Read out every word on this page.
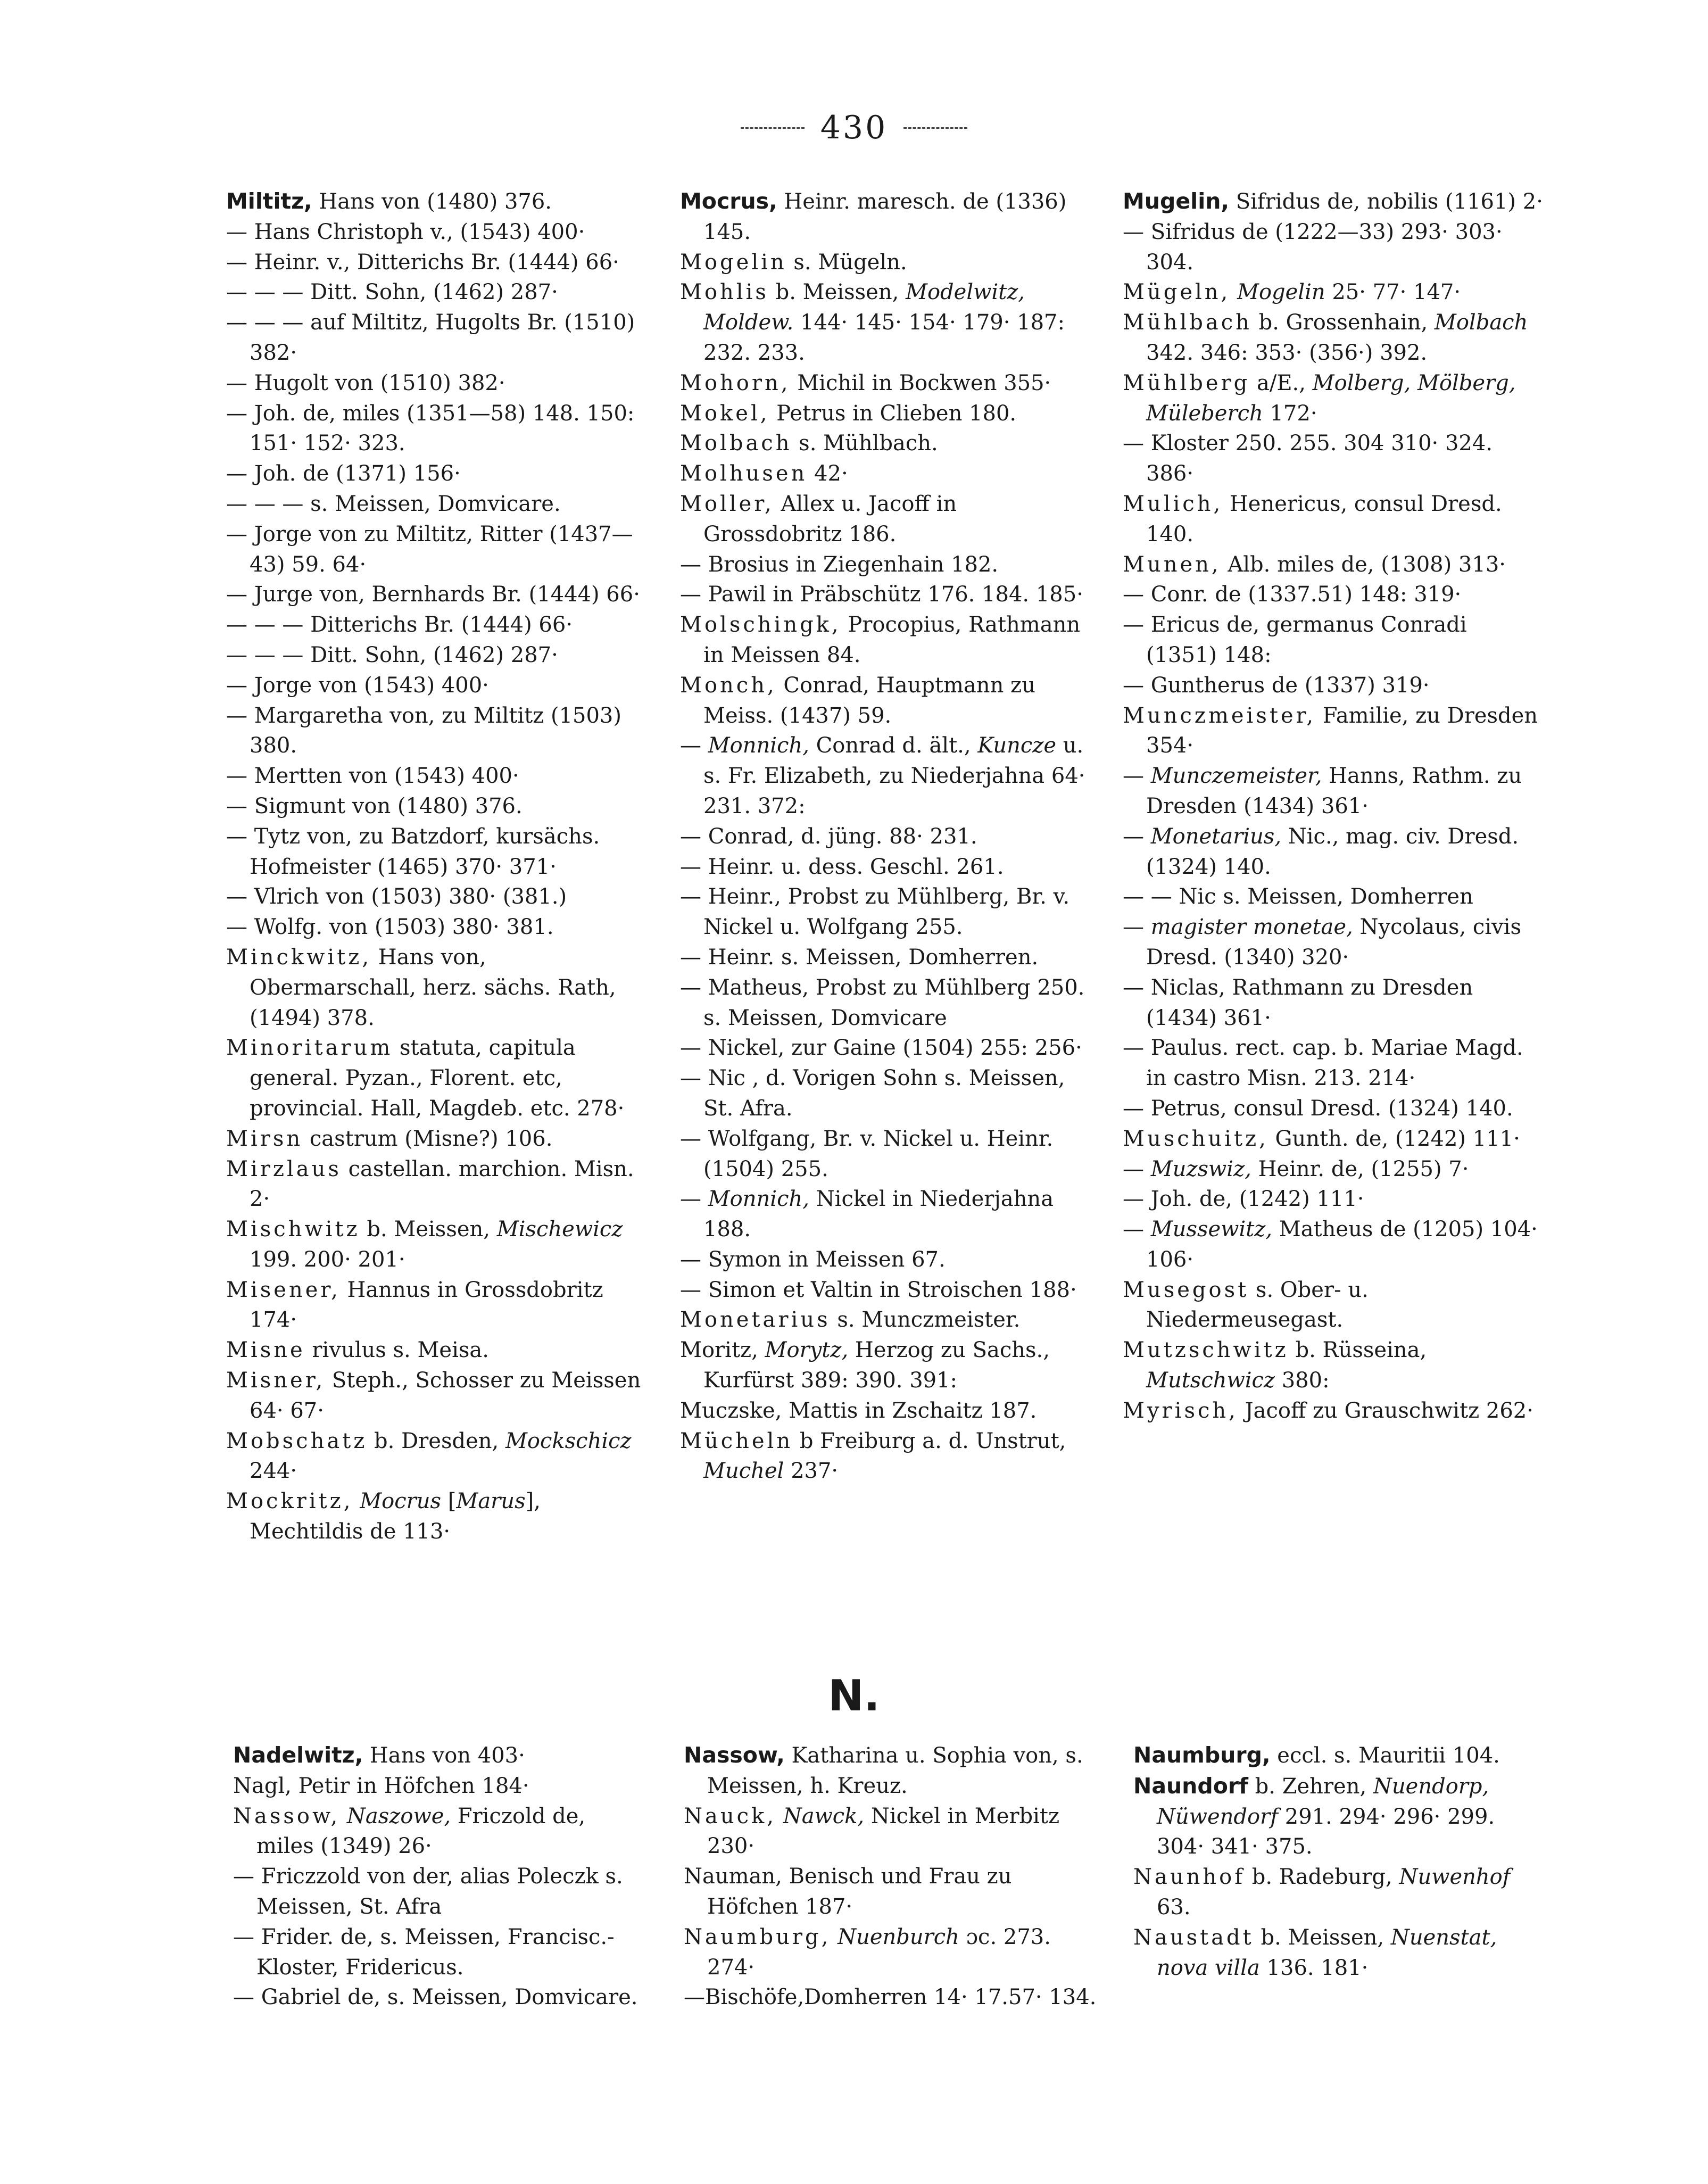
430

Miltitz, Hans von (1480) 376.

— Hans Christoph v., (1543) 400·

— Heinr. v., Ditterichs Br. (1444) 66·

— — — Ditt. Sohn, (1462) 287·

— — — auf Miltitz, Hugolts Br. (1510) 382·

— Hugolt von (1510) 382·

— Joh. de, miles (1351—58) 148. 150: 151· 152· 323.

— Joh. de (1371) 156·

— — — s. Meissen, Domvicare.

— Jorge von zu Miltitz, Ritter (1437—43) 59. 64·

— Jurge von, Bernhards Br. (1444) 66·

— — — Ditterichs Br. (1444) 66·

— — — Ditt. Sohn, (1462) 287·

— Jorge von (1543) 400·

— Margaretha von, zu Miltitz (1503) 380.

— Mertten von (1543) 400·

— Sigmunt von (1480) 376.

— Tytz von, zu Batzdorf, kursächs. Hofmeister (1465) 370· 371·

— Vlrich von (1503) 380· (381.)

— Wolfg. von (1503) 380· 381.

Minckwitz, Hans von, Obermarschall, herz. sächs. Rath, (1494) 378.

Minoritarum statuta, capitula general. Pyzan., Florent. etc, provincial. Hall, Magdeb. etc. 278·

Mirsn castrum (Misne?) 106.

Mirzlaus castellan. marchion. Misn. 2·

Mischwitz b. Meissen, Mischewicz 199. 200· 201·

Misener, Hannus in Grossdobritz 174·

Misne rivulus s. Meisa.

Misner, Steph., Schosser zu Meissen 64· 67·

Mobschatz b. Dresden, Mockschicz 244·

Mockritz, Mocrus [Marus], Mechtildis de 113·

Mocrus, Heinr. maresch. de (1336) 145.

Mogelin s. Mügeln.

Mohlis b. Meissen, Modelwitz, Moldew. 144· 145· 154· 179· 187: 232. 233.

Mohorn, Michil in Bockwen 355·

Mokel, Petrus in Clieben 180.

Molbach s. Mühlbach.

Molhusen 42·

Moller, Allex u. Jacoff in Grossdobritz 186.

— Brosius in Ziegenhain 182.

— Pawil in Präbschütz 176. 184. 185·

Molschingk, Procopius, Rathmann in Meissen 84.

Monch, Conrad, Hauptmann zu Meiss. (1437) 59.

— Monnich, Conrad d. ält., Kuncze u. s. Fr. Elizabeth, zu Niederjahna 64· 231. 372:

— Conrad, d. jüng. 88· 231.

— Heinr. u. dess. Geschl. 261.

— Heinr., Probst zu Mühlberg, Br. v. Nickel u. Wolfgang 255.

— Heinr. s. Meissen, Domherren.

— Matheus, Probst zu Mühlberg 250. s. Meissen, Domvicare

— Nickel, zur Gaine (1504) 255: 256·

— Nic , d. Vorigen Sohn s. Meissen, St. Afra.

— Wolfgang, Br. v. Nickel u. Heinr. (1504) 255.

— Monnich, Nickel in Niederjahna 188.

— Symon in Meissen 67.

— Simon et Valtin in Stroischen 188·

Monetarius s. Munczmeister.

Moritz, Morytz, Herzog zu Sachs., Kurfürst 389: 390. 391:

Muczske, Mattis in Zschaitz 187.

Mücheln b Freiburg a. d. Unstrut, Muchel 237·

Mugelin, Sifridus de, nobilis (1161) 2·

— Sifridus de (1222—33) 293· 303· 304.

Mügeln, Mogelin 25· 77· 147·

Mühlbach b. Grossenhain, Molbach 342. 346: 353· (356·) 392.

Mühlberg a/E., Molberg, Mölberg, Müleberch 172·

— Kloster 250. 255. 304 310· 324. 386·

Mulich, Henericus, consul Dresd. 140.

Munen, Alb. miles de, (1308) 313·

— Conr. de (1337.51) 148: 319·

— Ericus de, germanus Conradi (1351) 148:

— Guntherus de (1337) 319·

Munczmeister, Familie, zu Dresden 354·

— Munczemeister, Hanns, Rathm. zu Dresden (1434) 361·

— Monetarius, Nic., mag. civ. Dresd. (1324) 140.

— — Nic s. Meissen, Domherren

— magister monetae, Nycolaus, civis Dresd. (1340) 320·

— Niclas, Rathmann zu Dresden (1434) 361·

— Paulus. rect. cap. b. Mariae Magd. in castro Misn. 213. 214·

— Petrus, consul Dresd. (1324) 140.

Muschuitz, Gunth. de, (1242) 111·

— Muzswiz, Heinr. de, (1255) 7·

— Joh. de, (1242) 111·

— Mussewitz, Matheus de (1205) 104· 106·

Musegost s. Ober- u. Niedermeusegast.

Mutzschwitz b. Rüsseina, Mutschwicz 380:

Myrisch, Jacoff zu Grauschwitz 262·

N.

Nadelwitz, Hans von 403·

Nagl, Petir in Höfchen 184·

Nassow, Naszowe, Friczold de, miles (1349) 26·

— Friczzold von der, alias Poleczk s. Meissen, St. Afra

— Frider. de, s. Meissen, Francisc.-Kloster, Fridericus.

— Gabriel de, s. Meissen, Domvicare.

Nassow, Katharina u. Sophia von, s. Meissen, h. Kreuz.

Nauck, Nawck, Nickel in Merbitz 230·

Nauman, Benisch und Frau zu Höfchen 187·

Naumburg, Nuenburch ɔc. 273. 274·

—Bischöfe,Domherren 14· 17.57· 134.

Naumburg, eccl. s. Mauritii 104.

Naundorf b. Zehren, Nuendorp, Nüwendorf 291. 294· 296· 299. 304· 341· 375.

Naunhof b. Radeburg, Nuwenhof 63.

Naustadt b. Meissen, Nuenstat, nova villa 136. 181·
